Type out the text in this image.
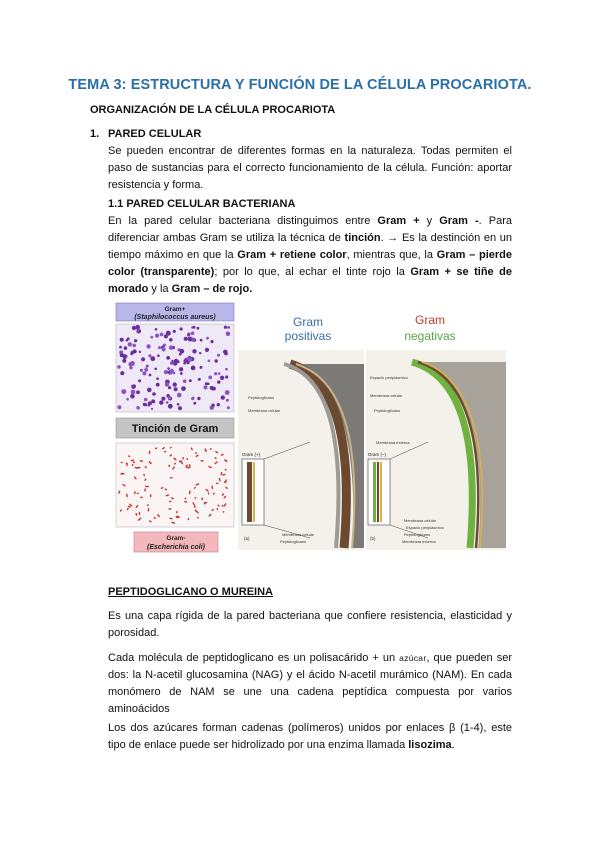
TEMA 3: ESTRUCTURA Y FUNCIÓN DE LA CÉLULA PROCARIOTA.
ORGANIZACIÓN DE LA CÉLULA PROCARIOTA
1. PARED CELULAR
Se pueden encontrar de diferentes formas en la naturaleza. Todas permiten el paso de sustancias para el correcto funcionamiento de la célula. Función: aportar resistencia y forma.
1.1 PARED CELULAR BACTERIANA
En la pared celular bacteriana distinguimos entre Gram + y Gram -. Para diferenciar ambas Gram se utiliza la técnica de tinción. → Es la destinción en un tiempo máximo en que la Gram + retiene color, mientras que, la Gram – pierde color (transparente); por lo que, al echar el tinte rojo la Gram + se tiñe de morado y la Gram – de rojo.
Gram+
(Staphilococcus aureus)
Tinción de Gram
Gram-
(Escherichia coli)
Gram
positivas
Peptidoglicano
Membrana celular
Gram (+)
Membrana celular
Peptidoglicano
(a)
Gram
negativas
Espacio periplásmico
Membrana celular
Peptidoglicano
Membrana externa
Gram (–)
Membrana celular
Espacio periplásmico
Peptidoglicano
Membrana externa
(b)
PEPTIDOGLICANO O MUREINA
Es una capa rígida de la pared bacteriana que confiere resistencia, elasticidad y porosidad.
Cada molécula de peptidoglicano es un polisacárido + un azúcar, que pueden ser dos: la N-acetil glucosamina (NAG) y el ácido N-acetil murámico (NAM). En cada monómero de NAM se une una cadena peptídica compuesta por varios aminoácidos
Los dos azúcares forman cadenas (polímeros) unidos por enlaces β (1-4), este tipo de enlace puede ser hidrolizado por una enzima llamada lisozima.
